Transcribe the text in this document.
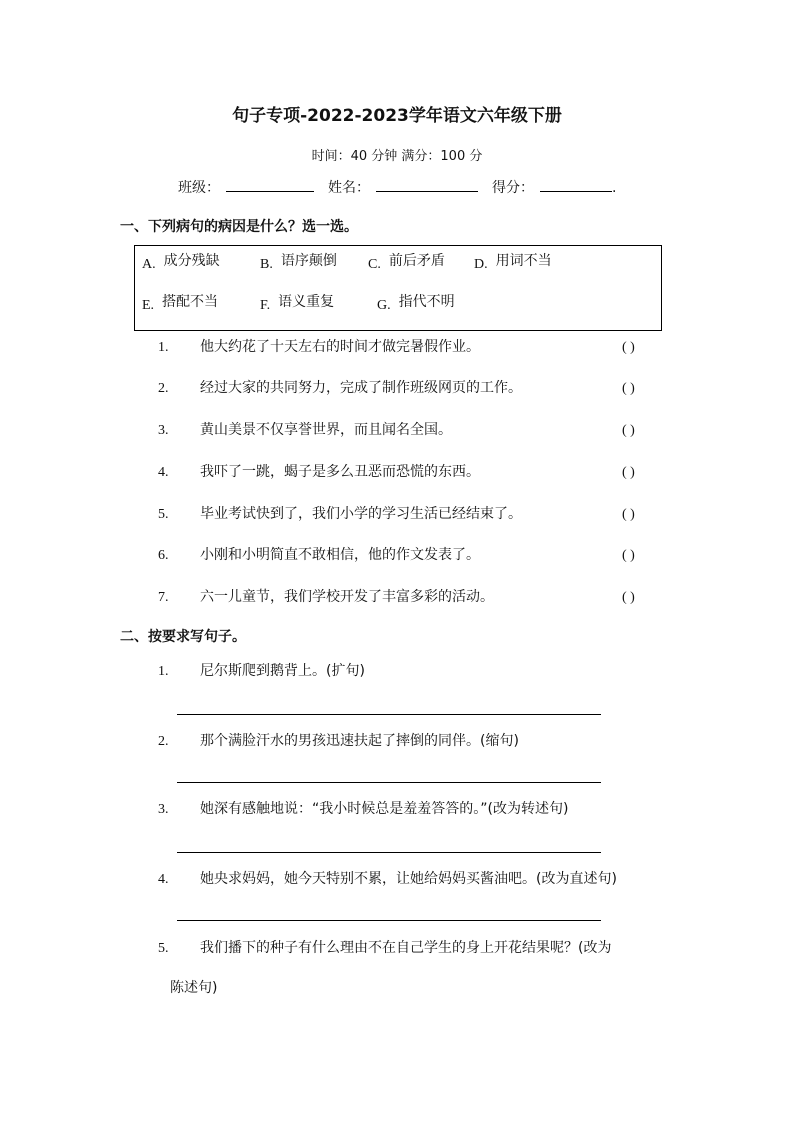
句子专项-2022-2023学年语文六年级下册
时间：40 分钟 满分：100 分
班级：	姓名：	得分：	.
一、下列病句的病因是什么？选一选。
A. 成分残缺	B. 语序颠倒 C. 前后矛盾 D. 用词不当
E. 搭配不当	F. 语义重复	G. 指代不明
1. 他大约花了十天左右的时间才做完暑假作业。	( )
2. 经过大家的共同努力，完成了制作班级网页的工作。	( )
3. 黄山美景不仅享誉世界，而且闻名全国。	( )
4. 我吓了一跳，蝎子是多么丑恶而恐慌的东西。	( )
5. 毕业考试快到了，我们小学的学习生活已经结束了。	( )
6. 小刚和小明简直不敢相信，他的作文发表了。	( )
7. 六一儿童节，我们学校开发了丰富多彩的活动。	( )
二、按要求写句子。
1. 尼尔斯爬到鹅背上。(扩句)
2. 那个满脸汗水的男孩迅速扶起了摔倒的同伴。(缩句)
3. 她深有感触地说：“我小时候总是羞羞答答的。”(改为转述句)
4. 她央求妈妈，她今天特别不累，让她给妈妈买酱油吧。(改为直述句)
5. 我们播下的种子有什么理由不在自己学生的身上开花结果呢？(改为
陈述句)
